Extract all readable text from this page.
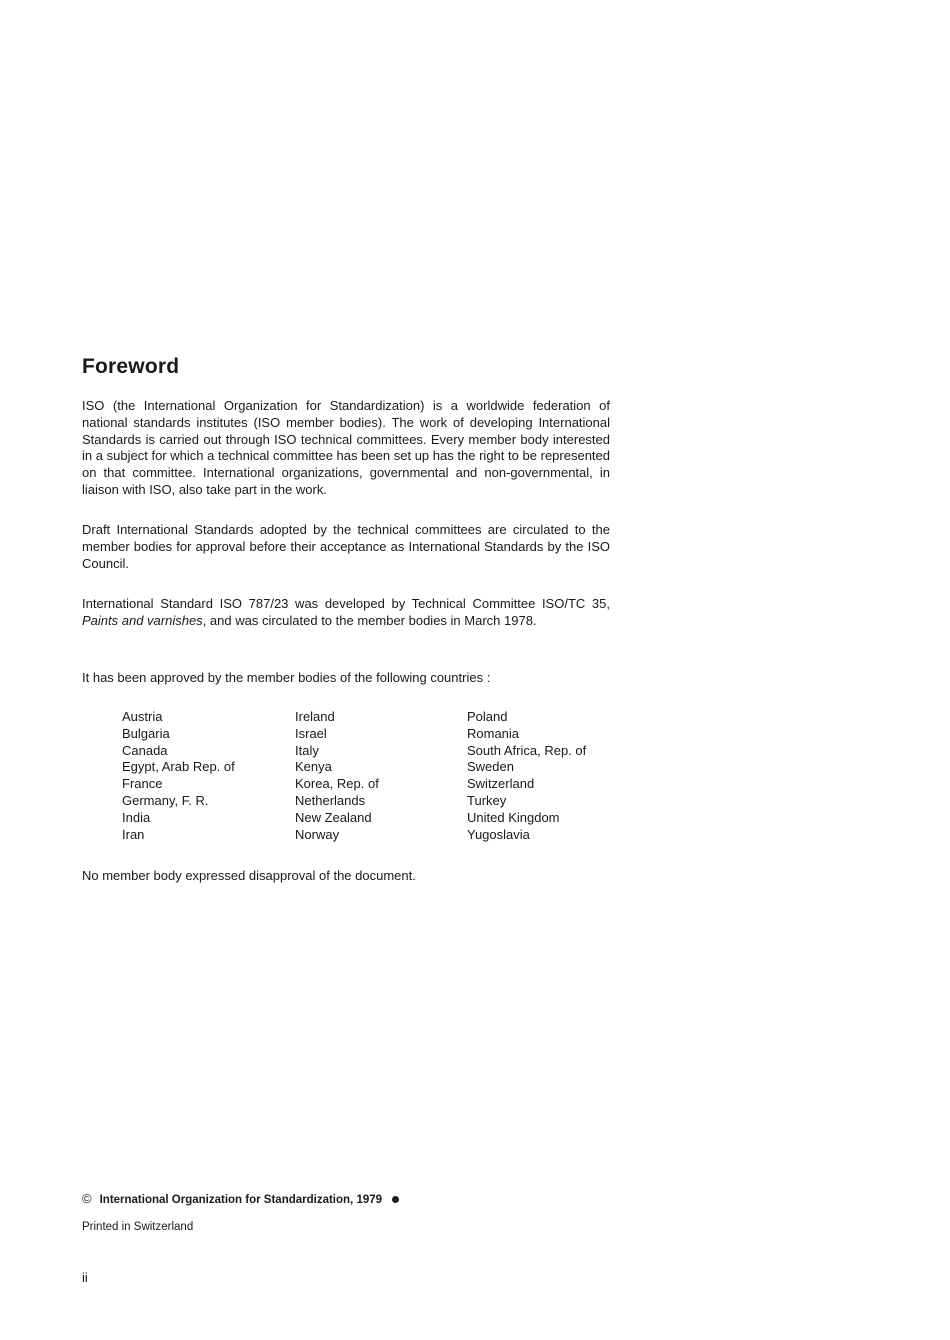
Foreword

ISO (the International Organization for Standardization) is a worldwide federation of national standards institutes (ISO member bodies). The work of developing International Standards is carried out through ISO technical committees. Every member body interested in a subject for which a technical committee has been set up has the right to be represented on that committee. International organizations, governmental and non-governmental, in liaison with ISO, also take part in the work.

Draft International Standards adopted by the technical committees are circulated to the member bodies for approval before their acceptance as International Standards by the ISO Council.

International Standard ISO 787/23 was developed by Technical Committee ISO/TC 35, Paints and varnishes, and was circulated to the member bodies in March 1978.

It has been approved by the member bodies of the following countries :

Austria
Bulgaria
Canada
Egypt, Arab Rep. of
France
Germany, F. R.
India
Iran
Ireland
Israel
Italy
Kenya
Korea, Rep. of
Netherlands
New Zealand
Norway
Poland
Romania
South Africa, Rep. of
Sweden
Switzerland
Turkey
United Kingdom
Yugoslavia

No member body expressed disapproval of the document.

© International Organization for Standardization, 1979
Printed in Switzerland
ii
